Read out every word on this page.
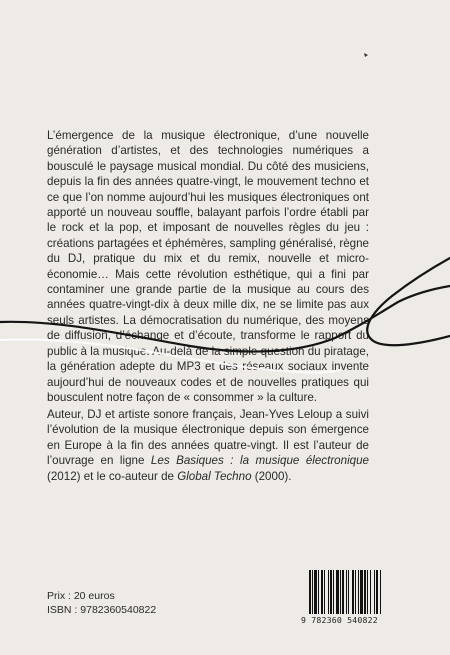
L’émergence de la musique électronique, d’une nouvelle génération d’artistes, et des technologies numériques a bousculé le paysage musical mondial. Du côté des musiciens, depuis la fin des années quatre-vingt, le mouvement techno et ce que l’on nomme aujourd’hui les musiques électroniques ont apporté un nouveau souffle, balayant parfois l’ordre établi par le rock et la pop, et imposant de nouvelles règles du jeu : créations partagées et éphémères, sampling généralisé, règne du DJ, pratique du mix et du remix, nouvelle et micro-économie… Mais cette révolution esthétique, qui a fini par contaminer une grande partie de la musique au cours des années quatre-vingt-dix à deux mille dix, ne se limite pas aux seuls artistes. La démocratisation du numérique, des moyens de diffusion, d’échange et d’écoute, transforme le rapport du public à la musique. Au-delà de la simple question du piratage, la génération adepte du MP3 et des réseaux sociaux invente aujourd’hui de nouveaux codes et de nouvelles pratiques qui bousculent notre façon de « consommer » la culture.

Auteur, DJ et artiste sonore français, Jean-Yves Leloup a suivi l’évolution de la musique électronique depuis son émergence en Europe à la fin des années quatre-vingt. Il est l’auteur de l’ouvrage en ligne Les Basiques : la musique électronique (2012) et le co-auteur de Global Techno (2000).

Prix : 20 euros
ISBN : 9782360540822
9 782360 540822
